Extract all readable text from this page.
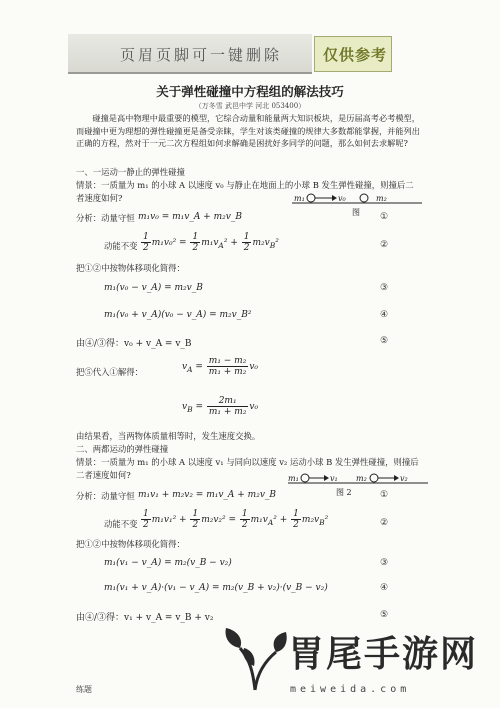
页眉页脚可一键删除	仅供参考
关于弹性碰撞中方程组的解法技巧
（万冬雪 武邑中学 河北 053400）
碰撞是高中物理中最重要的模型，它综合动量和能量两大知识板块，是历届高考必考模型，而碰撞中更为理想的弹性碰撞更是备受亲睐，学生对该类碰撞的规律大多数都能掌握，并能列出正确的方程，然对于一元二次方程组如何求解确是困扰好多同学的问题，那么如何去求解呢?
一、一运动一静止的弹性碰撞
情景：一质量为 m₁ 的小球 A 以速度 v₀ 与静止在地面上的小球 B 发生弹性碰撞，则撞后二
者速度如何?	m₁	v₀	m₂
图
分析：动量守恒 m₁v₀ = m₁v_A + m₂v_B	①
动能不变 $\frac{1}{2} m_1v_0^2 = \frac{1}{2} m_1v_A^2 + \frac{1}{2} m_2v_B^2$	②
把①②中按物体移项化简得：
m₁(v₀ − v_A) = m₂v_B	③
m₁(v₀ + v_A)(v₀ − v_A) = m₂v_B²	④
由④/③得：v₀ + v_A = v_B	⑤
把⑤代入①解得：	$v_A = \frac{\text{m₁ − m₂}}{\text{m₁ + m₂}} v_0$
$v_B = \frac{\text{2m₁}}{\text{m₁ + m₂}} v_0$
由结果看，当两物体质量相等时，发生速度交换。
二、两都运动的弹性碰撞
情景：一质量为 m₁ 的小球 A 以速度 v₁ 与同向以速度 v₂ 运动小球 B 发生弹性碰撞，则撞后
二者速度如何?	m₁	v₁ m₂	v₂
图 2
分析：动量守恒 m₁v₁ + m₂v₂ = m₁v_A + m₂v_B	①
动能不变 $\frac{1}{2} m_1v_1^2 + \frac{1}{2} m_2v_2^2 = \frac{1}{2} m_1v_A^2 + \frac{1}{2} m_2v_B^2$	②
把①②中按物体移项化简得：
m₁(v₁ − v_A) = m₂(v_B − v₂)	③
m₁(v₁ + v_A)·(v₁ − v_A) = m₂(v_B + v₂)·(v_B − v₂)	④
由④/③得：v₁ + v_A = v_B + v₂	⑤
练题
胃尾手游网
meiweida.com
